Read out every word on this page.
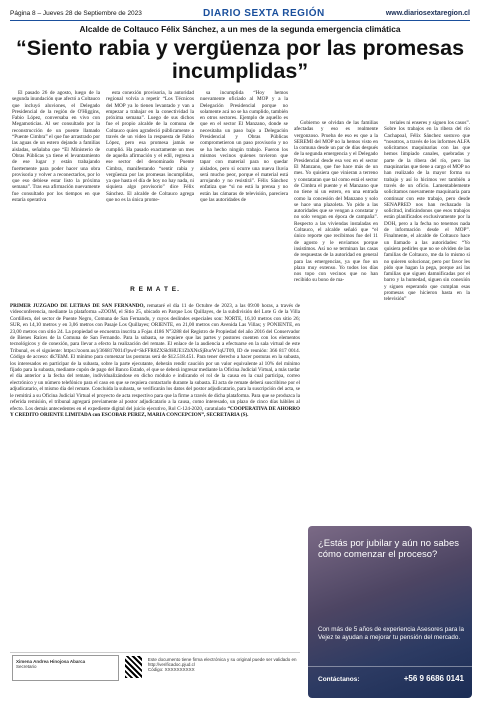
Página 8 – Jueves 28 de Septiembre de 2023	DIARIO SEXTA REGIÓN	www.diariosextaregion.cl
Alcalde de Coltauco Félix Sánchez, a un mes de la segunda emergencia climática
“Siento rabia y vergüenza por las promesas incumplidas”

El pasado 26 de agosto, luego de la segunda inundación que afectó a Coltauco que incluyó aluviones, el Delegado Presidencial de la región de O'Higgins, Fabio López, conversaba en vivo con Megamoticias. Al ser consultado por la reconstrucción de un puente llamado “Puente Cimbra” el que fue arrastrado por las aguas de un estero dejando a familias aisladas, señalaba que “El Ministerio de Obras Públicas ya tiene el levantamiento de ese lugar y están trabajando fuertemente para poder hacer una obra provisoria y volver a reconectarlos, por lo que eso debiese estar listo la próxima semana”. Tras esa afirmación nuevamente fue consultado por los tiempos en que estaría operativa

esta conexión provisoria, la autoridad regional volvía a repetir “Los Técnicos del MOP ya lo tienen levantado y van a empezar a trabajar en la conectividad la próxima semana”. Luego de sus dichos fue el propio alcalde de la comuna de Coltauco quien agradeció públicamente a través de un video la respuesta de Fabio López, pero esa promesa jamás se cumplió. Ha pasado exactamente un mes de aquella afirmación y el edil, regresa a ese sector del denominado Puente Cimbra, manifestando “sentir rabia y vergüenza por las promesas incumplidas, ya que hasta el día de hoy no hay nada, ni siquiera algo provisorio” dice Félix Sánchez. El alcalde de Coltauco agrega que no es la única prome-

sa incumplida “Hoy hemos nuevamente oficiado al MOP y a la Delegación Presidencial porque no solamente acá no se ha cumplido, también en otros sectores. Ejemplo de aquello es que en el sector El Manzano, donde se necesitaba un paso bajo a Delegación Presidencial y Obras Públicas comprometieron un paso provisorio y no se ha hecho ningún trabajo. Fueron los mismos vecinos quienes tuvieron que tapar con material para no quedar aislados, pero si ocurre una nueva lluvia será mucho peor, porque el material está arrojando y no resistirá”. Félix Sánchez enfatiza que “si no está la prensa y no están las cámaras de televisión, pareciera que las autoridades de

Gobierno se olvidan de las familias afectadas y eso es realmente vergonzoso. Prueba de eso es que a la SEREMI del MOP no la hemos visto en la comuna desde un par de días después de la segunda emergencia y el Delegado Presidencial desde esa vez en el sector El Manzano, que fue hace más de un mes. Yo quisiera que vinieran a terreno y constataran que tal como está el sector de Cimbra el puente y el Manzano que no tiene ni un estero, en una entrada como la concesión del Manzano y solo se hace una plazoleta. Yo pido a las autoridades que se vengan a constatar y no solo vengan en época de campaña”. Respecto a las viviendas instaladas en Coltauco, el alcalde señaló que “el único reporte que recibimos fue del 11 de agosto y le enviamos porque insistimos. Así no se terminan las casas de respuestas de la autoridad en general para las emergencias, ya que fue un plazo muy extenso. Yo todos los días nos topo con vecinos que no han recibido su bono de ma-

teriales ni enseres y siguen los casos”. Sobre los trabajos en la ribera del río Cachapoal, Félix Sánchez sostuvo que “nosotros, a través de los informes ALFA solicitamos maquinarias con las que hemos limpiado canales, quebradas y parte de la ribera del río, pero las maquinarias que tiene a cargo el MOP no han realizado de la mayor forma su trabajo y así lo hicimos ver también a través de un oficio. Lamentablemente solicitamos nuevamente maquinaria para continuar con este trabajo, pero desde SENAPRED nos han rechazado la solicitud, indicándonos que esos trabajos están planificados exclusivamente por la DOH, pero a la fecha no tenemos nada de información desde el MOP”. Finalmente, el alcalde de Coltauco hace un llamado a las autoridades: “Yo quisiera pedirles que no se olviden de las familias de Coltauco, me da lo mismo si no quieren solucionar, pero por favor les pido que hagan la pega, porque así las familias que siguen damnificadas por el barro y la humedad, siguen sin conexión y siguen esperando que cumplan esas promesas que hicieron hasta en la televisión”

R E M A T E.
PRIMER JUZGADO DE LETRAS DE SAN FERNANDO, remataré el día 11 de Octubre de 2023, a las 09:00 horas, a través de videoconferencia, mediante la plataforma «ZOOM, el Sitio 25, ubicado en Parque Los Quillayes, de la subdivisión del Lote G de la Villa Cordillera, del sector de Puente Negro, Comuna de San Fernando, y cuyos deslindes especiales son: NORTE, 16,10 metros con sitio 26; SUR, en 14,10 metros y en 3,06 metros con Pasaje Los Quillayes; ORIENTE, en 21,00 metros con Avenida Las Villas; y PONIENTE, en 23,00 metros con sitio 24. La propiedad se encuentra inscrita a Fojas 4186 N°3288 del Registro de Propiedad del año 2016 del Conservador de Bienes Raíces de la Comuna de San Fernando. Para la subasta, se requiere que las partes y postores cuenten con los elementos tecnológicos y de conexión, para llevar a efecto la realización del remate. El enlace de la audiencia a efectuarse en la sala virtual de este Tribunal, es el siguiente: https://zoom.us/j/3668170014?pwd=SkFFR0ZXSk9HUE1ZbXNsSjBucW1qUT09, ID de reunión: 366 817 0014. Código de acceso: dk7EhM. El mínimo para comenzar las posturas será de $12.518.451. Para tener derecho a hacer posturas en la subasta, los interesados en participar de la subasta, sobre la parte ejecutante, deberán rendir caución por un valor equivalente al 10% del mínimo fijado para la subasta, mediante cupón de pago del Banco Estado, el que se deberá ingresar mediante la Oficina Judicial Virtual, a más tardar el día anterior a la fecha del remate, individualizándose en dicho módulo e indicando el rol de la causa en la cual participa, correo electrónico y un número telefónico para el caso en que se requiera contactarlo durante la subasta. El acta de remate deberá suscribirse por el adjudicatario, el mismo día del remate. Concluida la subasta, se verificarán los datos del postor adjudicatario, para la suscripción del acta, se le remitirá a su Oficina Judicial Virtual el proyecto de acta respectivo para que la firme a través de dicha plataforma. Para que se produzca la referida remisión, el tribunal agregará previamente al postor adjudicatario a la causa, como interesado, un plazo de cinco días hábiles al efecto. Los demás antecedentes en el expediente digital del juicio ejecutivo, Rol C-124-2020, caratulado “COOPERATIVA DE AHORRO Y CREDITO ORIENTE LIMITADA con ESCOBAR PEREZ, MARIA CONCEPCION”, SECRETARIA (S).
Ximena Andrea Hinojosa Abarca
Secretario
Este documento tiene firma electrónica y su original puede ser validado en http://verificadoc.pjud.cl
Código: XXXXXXXXXX
¿Estás por jubilar y aún no sabes cómo comenzar el proceso?
Con más de 5 años de experiencia Asesores para la Vejez te ayudan a mejorar tu pensión del mercado.
Contáctanos:	+56 9 6686 0141
